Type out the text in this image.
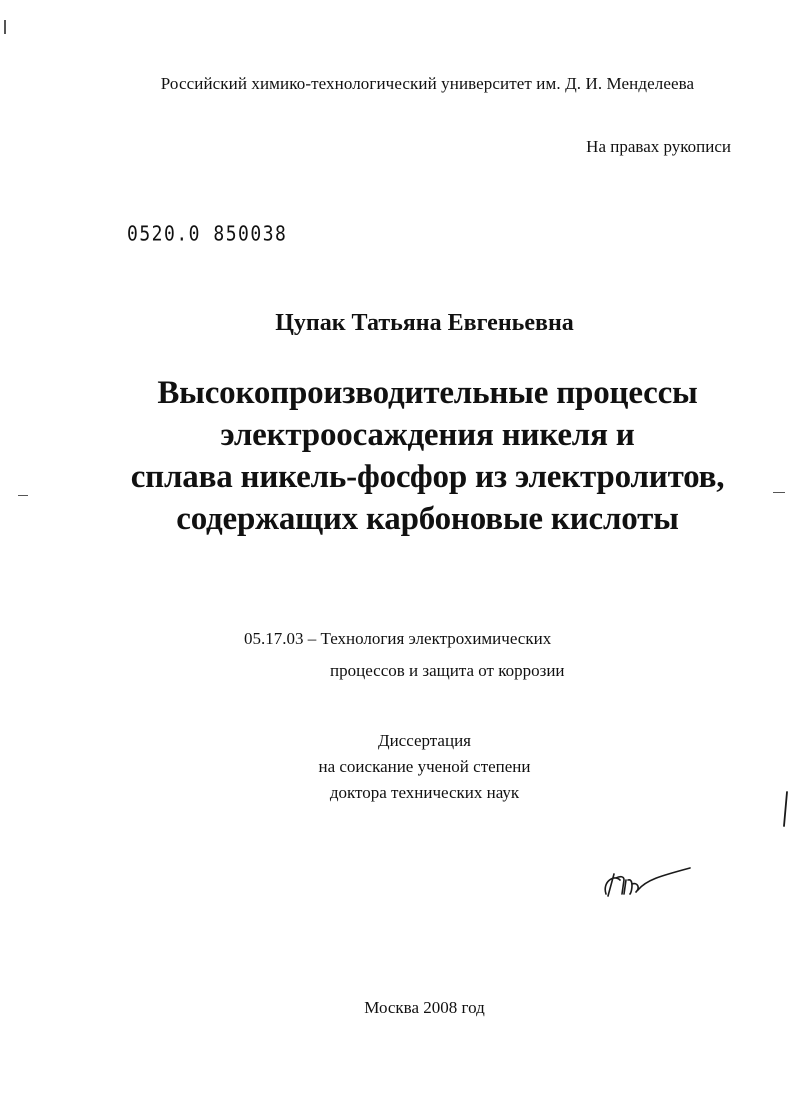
Российский химико-технологический университет им. Д. И. Менделеева
На правах рукописи
0520.0 850038
Цупак Татьяна Евгеньевна
Высокопроизводительные процессы
электроосаждения никеля и
сплава никель-фосфор из электролитов,
содержащих карбоновые кислоты
05.17.03 – Технология электрохимических
процессов и защита от коррозии
Диссертация
на соискание ученой степени
доктора технических наук
Москва 2008 год
